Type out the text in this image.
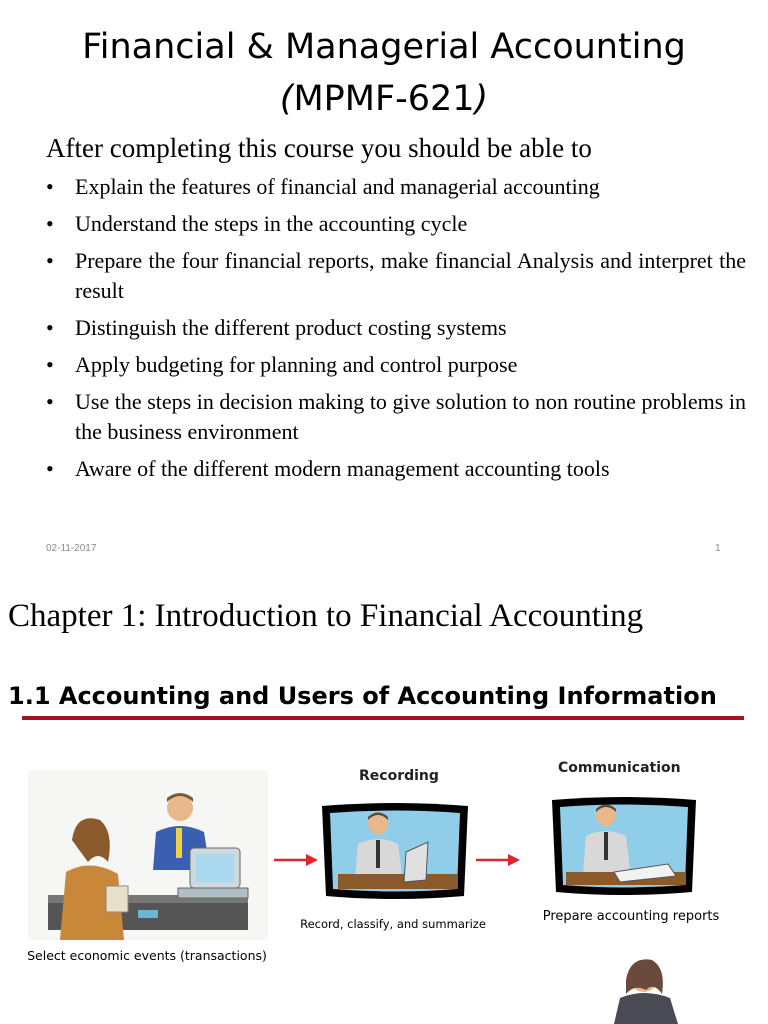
Financial & Managerial Accounting
(MPMF-621)
After completing this course you should be able to
• Explain the features of financial and managerial accounting
• Understand the steps in the accounting cycle
• Prepare the four financial reports, make financial Analysis and interpret the result
• Distinguish the different product costing systems
• Apply budgeting for planning and control purpose
• Use the steps in decision making to give solution to non routine problems in the business environment
• Aware of the different modern management accounting tools
02-11-2017	1
Chapter 1: Introduction to Financial Accounting
1.1 Accounting and Users of Accounting Information
Select economic events (transactions)
Recording
Record, classify, and summarize
Communication
Prepare accounting reports
